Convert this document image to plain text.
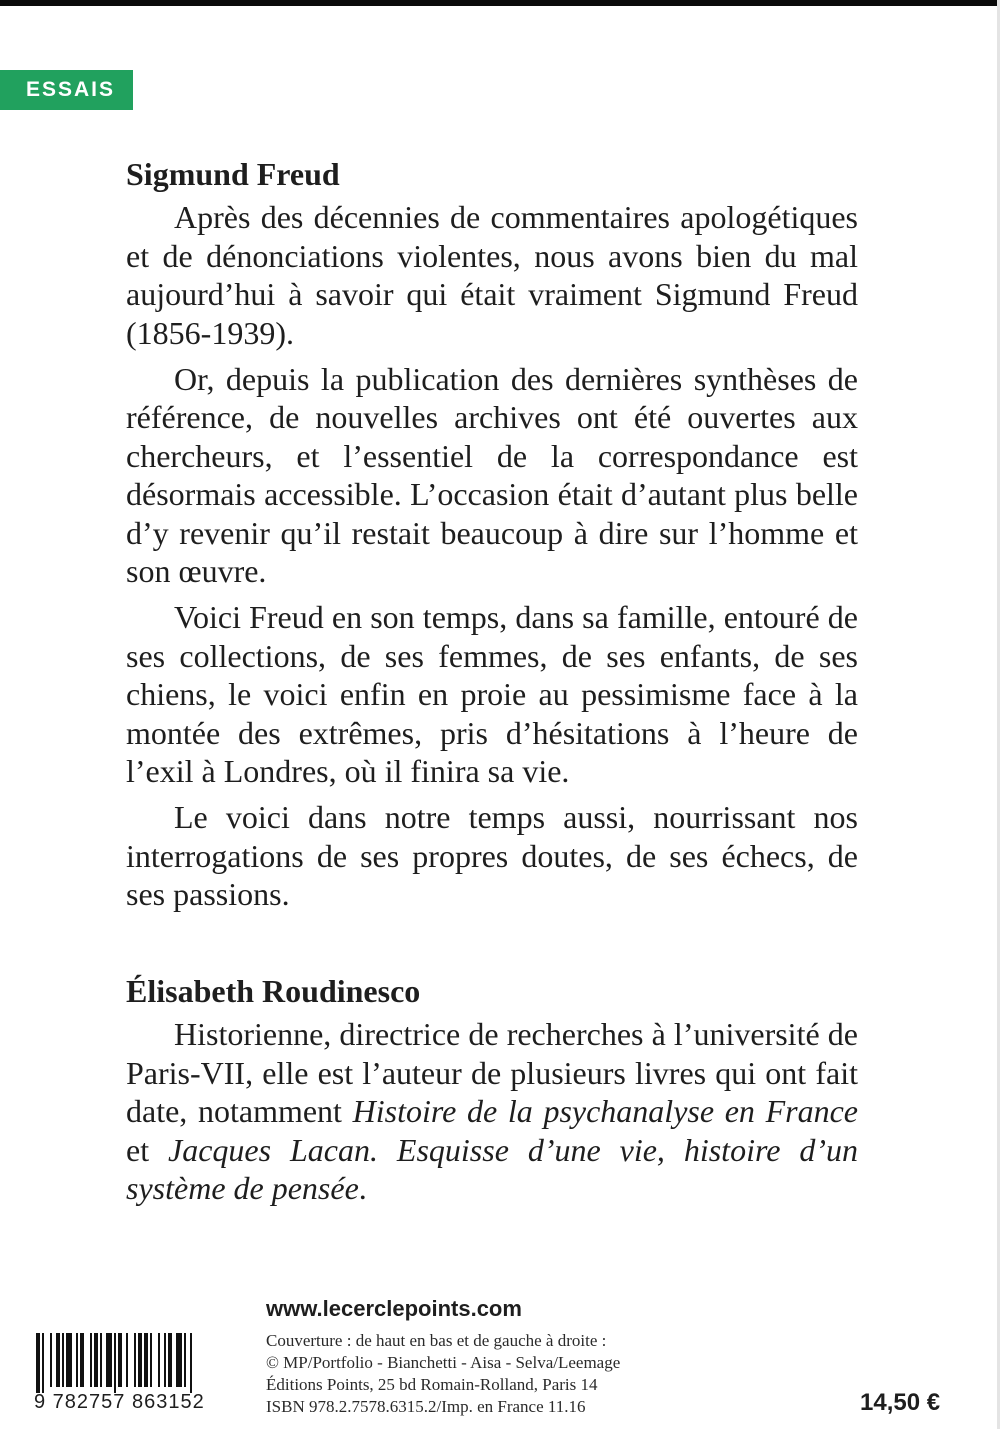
ESSAIS
Sigmund Freud

Après des décennies de commentaires apologétiques et de dénonciations violentes, nous avons bien du mal aujourd’hui à savoir qui était vraiment Sigmund Freud (1856-1939).

Or, depuis la publication des dernières synthèses de référence, de nouvelles archives ont été ouvertes aux chercheurs, et l’essentiel de la correspondance est désormais accessible. L’occasion était d’autant plus belle d’y revenir qu’il restait beaucoup à dire sur l’homme et son œuvre.

Voici Freud en son temps, dans sa famille, entouré de ses collections, de ses femmes, de ses enfants, de ses chiens, le voici enfin en proie au pessimisme face à la montée des extrêmes, pris d’hésitations à l’heure de l’exil à Londres, où il finira sa vie.

Le voici dans notre temps aussi, nourrissant nos interrogations de ses propres doutes, de ses échecs, de ses passions.

Élisabeth Roudinesco

Historienne, directrice de recherches à l’université de Paris-VII, elle est l’auteur de plusieurs livres qui ont fait date, notamment Histoire de la psychanalyse en France et Jacques Lacan. Esquisse d’une vie, histoire d’un système de pensée.

www.lecerclepoints.com
9 782757 863152
Couverture : de haut en bas et de gauche à droite :
© MP/Portfolio - Bianchetti - Aisa - Selva/Leemage
Éditions Points, 25 bd Romain-Rolland, Paris 14
ISBN 978.2.7578.6315.2/Imp. en France 11.16	14,50 €
